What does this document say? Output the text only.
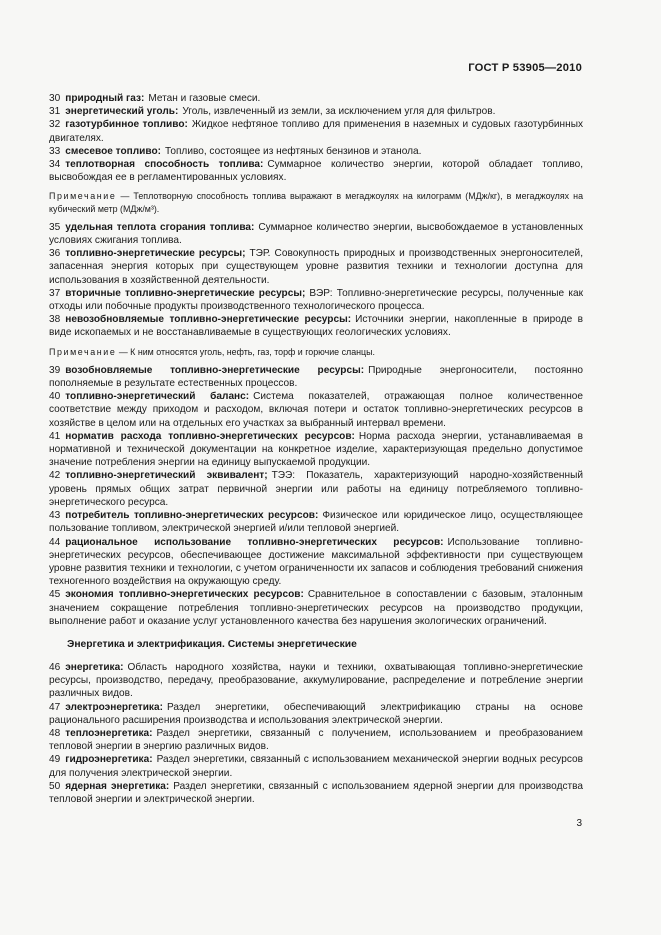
ГОСТ Р 53905—2010

30 природный газ: Метан и газовые смеси.

31 энергетический уголь: Уголь, извлеченный из земли, за исключением угля для фильтров.

32 газотурбинное топливо: Жидкое нефтяное топливо для применения в наземных и судовых газотурбинных двигателях.

33 смесевое топливо: Топливо, состоящее из нефтяных бензинов и этанола.

34 теплотворная способность топлива: Суммарное количество энергии, которой обладает топливо, высвобождая ее в регламентированных условиях.

Примечание — Теплотворную способность топлива выражают в мегаджоулях на килограмм (МДж/кг), в мегаджоулях на кубический метр (МДж/м³).

35 удельная теплота сгорания топлива: Суммарное количество энергии, высвобождаемое в установленных условиях сжигания топлива.

36 топливно-энергетические ресурсы; ТЭР. Совокупность природных и производственных энергоносителей, запасенная энергия которых при существующем уровне развития техники и технологии доступна для использования в хозяйственной деятельности.

37 вторичные топливно-энергетические ресурсы; ВЭР: Топливно-энергетические ресурсы, полученные как отходы или побочные продукты производственного технологического процесса.

38 невозобновляемые топливно-энергетические ресурсы: Источники энергии, накопленные в природе в виде ископаемых и не восстанавливаемые в существующих геологических условиях.

Примечание — К ним относятся уголь, нефть, газ, торф и горючие сланцы.

39 возобновляемые топливно-энергетические ресурсы: Природные энергоносители, постоянно пополняемые в результате естественных процессов.

40 топливно-энергетический баланс: Система показателей, отражающая полное количественное соответствие между приходом и расходом, включая потери и остаток топливно-энергетических ресурсов в хозяйстве в целом или на отдельных его участках за выбранный интервал времени.

41 норматив расхода топливно-энергетических ресурсов: Норма расхода энергии, устанавливаемая в нормативной и технической документации на конкретное изделие, характеризующая предельно допустимое значение потребления энергии на единицу выпускаемой продукции.

42 топливно-энергетический эквивалент; ТЭЭ: Показатель, характеризующий народно-хозяйственный уровень прямых общих затрат первичной энергии или работы на единицу потребляемого топливно-энергетического ресурса.

43 потребитель топливно-энергетических ресурсов: Физическое или юридическое лицо, осуществляющее пользование топливом, электрической энергией и/или тепловой энергией.

44 рациональное использование топливно-энергетических ресурсов: Использование топливно-энергетических ресурсов, обеспечивающее достижение максимальной эффективности при существующем уровне развития техники и технологии, с учетом ограниченности их запасов и соблюдения требований снижения техногенного воздействия на окружающую среду.

45 экономия топливно-энергетических ресурсов: Сравнительное в сопоставлении с базовым, эталонным значением сокращение потребления топливно-энергетических ресурсов на производство продукции, выполнение работ и оказание услуг установленного качества без нарушения экологических ограничений.

Энергетика и электрификация. Системы энергетические

46 энергетика: Область народного хозяйства, науки и техники, охватывающая топливно-энергетические ресурсы, производство, передачу, преобразование, аккумулирование, распределение и потребление энергии различных видов.

47 электроэнергетика: Раздел энергетики, обеспечивающий электрификацию страны на основе рационального расширения производства и использования электрической энергии.

48 теплоэнергетика: Раздел энергетики, связанный с получением, использованием и преобразованием тепловой энергии в энергию различных видов.

49 гидроэнергетика: Раздел энергетики, связанный с использованием механической энергии водных ресурсов для получения электрической энергии.

50 ядерная энергетика: Раздел энергетики, связанный с использованием ядерной энергии для производства тепловой энергии и электрической энергии.

3
